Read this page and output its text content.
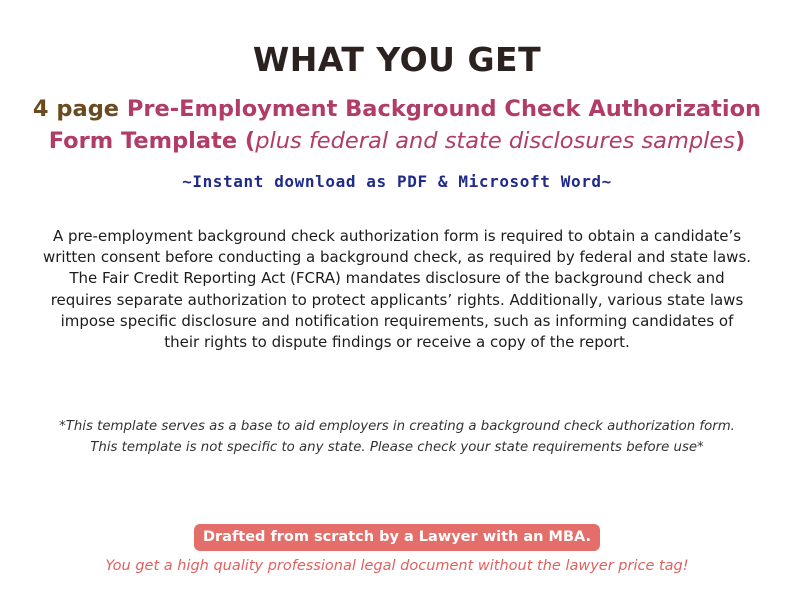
WHAT YOU GET
4 page Pre-Employment Background Check Authorization Form Template (plus federal and state disclosures samples)
~Instant download as PDF & Microsoft Word~

A pre-employment background check authorization form is required to obtain a candidate’s written consent before conducting a background check, as required by federal and state laws. The Fair Credit Reporting Act (FCRA) mandates disclosure of the background check and requires separate authorization to protect applicants’ rights. Additionally, various state laws impose specific disclosure and notification requirements, such as informing candidates of their rights to dispute findings or receive a copy of the report.

*This template serves as a base to aid employers in creating a background check authorization form. This template is not specific to any state. Please check your state requirements before use*

Drafted from scratch by a Lawyer with an MBA.
You get a high quality professional legal document without the lawyer price tag!
